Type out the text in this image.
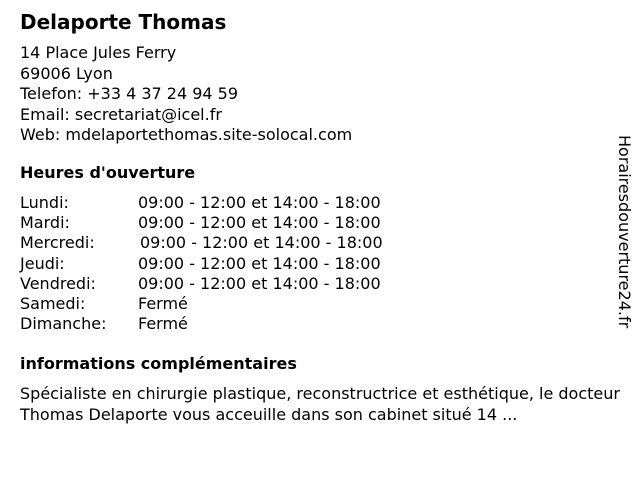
Delaporte Thomas
14 Place Jules Ferry
69006 Lyon
Telefon: +33 4 37 24 94 59
Email: secretariat@icel.fr
Web: mdelaportethomas.site-solocal.com
Heures d'ouverture
Lundi:	09:00 - 12:00 et 14:00 - 18:00
Mardi:	09:00 - 12:00 et 14:00 - 18:00
Mercredi:	09:00 - 12:00 et 14:00 - 18:00
Jeudi:	09:00 - 12:00 et 14:00 - 18:00
Vendredi:	09:00 - 12:00 et 14:00 - 18:00
Samedi:	Fermé
Dimanche: Fermé
informations complémentaires

Spécialiste en chirurgie plastique, reconstructrice et esthétique, le docteur Thomas Delaporte vous acceuille dans son cabinet situé 14 ...

Horairesdouverture24.fr
